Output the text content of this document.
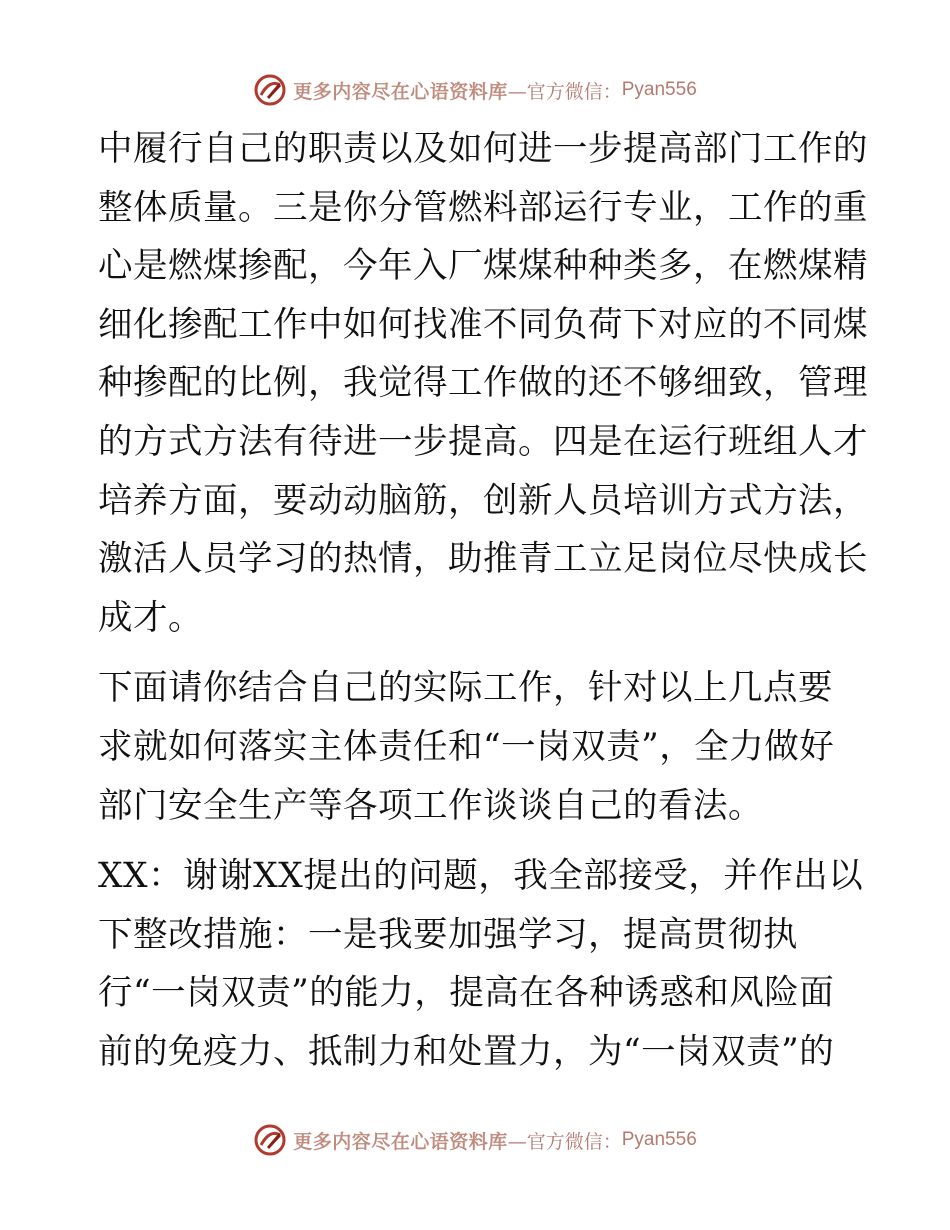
更多内容尽在心语资料库 —官方微信： Pyan556

中履行自己的职责以及如何进一步提高部门工作的
整体质量。三是你分管燃料部运行专业，工作的重
心是燃煤掺配，今年入厂煤煤种种类多，在燃煤精
细化掺配工作中如何找准不同负荷下对应的不同煤
种掺配的比例，我觉得工作做的还不够细致，管理
的方式方法有待进一步提高。四是在运行班组人才
培养方面，要动动脑筋，创新人员培训方式方法，
激活人员学习的热情，助推青工立足岗位尽快成长
成才。

下面请你结合自己的实际工作，针对以上几点要
求就如何落实主体责任和“一岗双责”，全力做好
部门安全生产等各项工作谈谈自己的看法。

XX：谢谢XX提出的问题，我全部接受，并作出以
下整改措施：一是我要加强学习，提高贯彻执
行“一岗双责”的能力，提高在各种诱惑和风险面
前的免疫力、抵制力和处置力，为“一岗双责”的

更多内容尽在心语资料库 —官方微信： Pyan556
